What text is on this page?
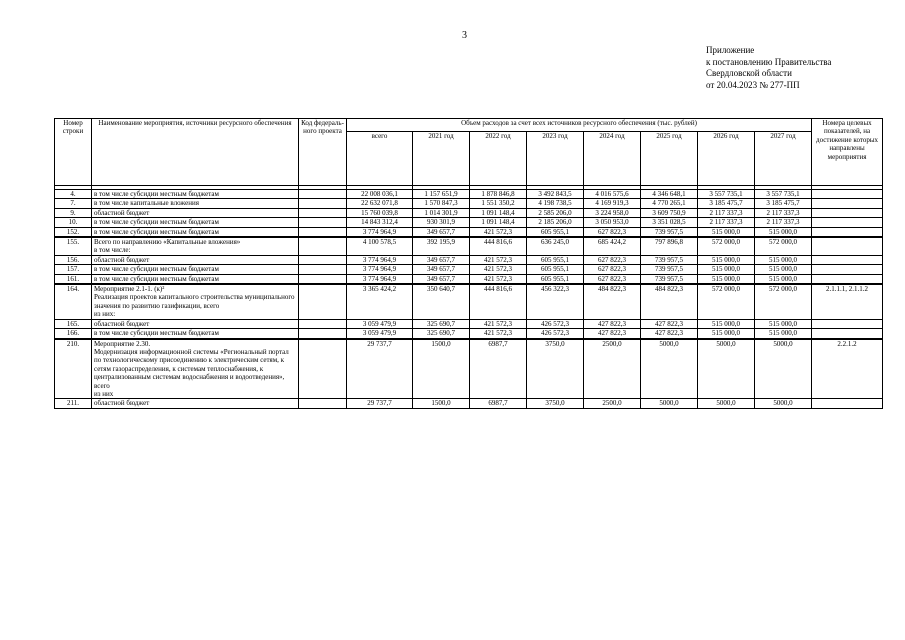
3
Приложение
к постановлению Правительства
Свердловской области
от 20.04.2023 № 277-ПП
Номер строки	Наименование мероприятия, источники ресурсного обеспечения	Код федераль-ного проекта	Объем расходов за счет всех источников ресурсного обеспечения (тыс. рублей)								Номера целевых показателей, на достижение которых направлены мероприятия
			всего	2021 год	2022 год	2023 год	2024 год	2025 год	2026 год	2027 год	

4.	в том числе субсидии местным бюджетам		22 008 036,1	1 157 651,9	1 878 846,8	3 492 843,5	4 016 575,6	4 346 648,1	3 557 735,1	3 557 735,1	
7.	в том числе капитальные вложения		22 632 071,8	1 570 847,3	1 551 350,2	4 198 738,5	4 169 919,3	4 770 265,1	3 185 475,7	3 185 475,7	
9.	областной бюджет		15 760 039,8	1 014 301,9	1 091 148,4	2 585 206,0	3 224 958,0	3 609 750,9	2 117 337,3	2 117 337,3	
10.	в том числе субсидии местным бюджетам		14 843 312,4	930 301,9	1 091 148,4	2 185 206,0	3 050 953,0	3 351 028,5	2 117 337,3	2 117 337,3	
152.	в том числе субсидии местным бюджетам		3 774 964,9	349 657,7	421 572,3	605 955,1	627 822,3	739 957,5	515 000,0	515 000,0	
155.	Всего по направлению «Капитальные вложения»
в том числе:		4 100 578,5	392 195,9	444 816,6	636 245,0	685 424,2	797 896,8	572 000,0	572 000,0	
156.	областной бюджет		3 774 964,9	349 657,7	421 572,3	605 955,1	627 822,3	739 957,5	515 000,0	515 000,0	
157.	в том числе субсидии местным бюджетам		3 774 964,9	349 657,7	421 572,3	605 955,1	627 822,3	739 957,5	515 000,0	515 000,0	
161.	в том числе субсидии местным бюджетам		3 774 964,9	349 657,7	421 572,3	605 955,1	627 822,3	739 957,5	515 000,0	515 000,0	
164.	Мероприятие 2.1-1. (к)²
Реализация проектов капитального строительства муниципального значения по развитию газификации, всего
из них:		3 365 424,2	350 640,7	444 816,6	456 322,3	484 822,3	484 822,3	572 000,0	572 000,0	2.1.1.1, 2.1.1.2
165.	областной бюджет		3 059 479,9	325 690,7	421 572,3	426 572,3	427 822,3	427 822,3	515 000,0	515 000,0	
166.	в том числе субсидии местным бюджетам		3 059 479,9	325 690,7	421 572,3	426 572,3	427 822,3	427 822,3	515 000,0	515 000,0	
210.	Мероприятие 2.30.
Модернизация информационной системы «Региональный портал по технологическому присоединению к электрическим сетям, к сетям газораспределения, к системам теплоснабжения, к централизованным системам водоснабжения и водоотведения», всего
из них		29 737,7	1500,0	6987,7	3750,0	2500,0	5000,0	5000,0	5000,0	2.2.1.2
211.	областной бюджет		29 737,7	1500,0	6987,7	3750,0	2500,0	5000,0	5000,0	5000,0	
